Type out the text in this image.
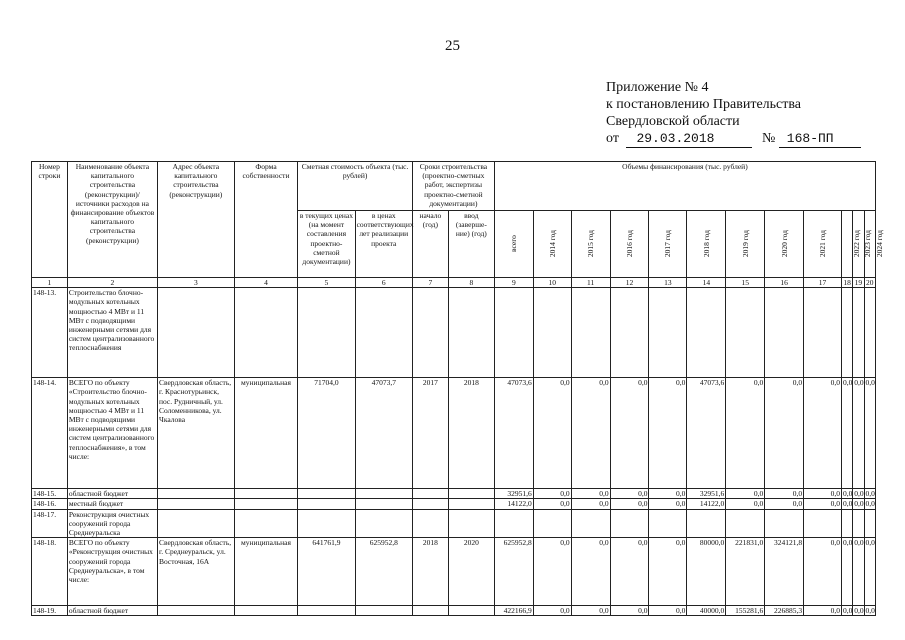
25
Приложение № 4
к постановлению Правительства
Свердловской области
от 29.03.2018	№ 168-ПП
Номер строки	Наименование объекта капитального строительства (реконструкции)/ источники расходов на финансирование объектов капитального строительства (реконструкции)	Адрес объекта капитального строительства (реконструкции)	Форма собственности	Сметная стоимость объекта (тыс. рублей)		Сроки строительства (проектно-сметных работ, экспертизы проектно-сметной документации)		Объемы финансирования (тыс. рублей)											
				в текущих ценах (на момент составления проектно-сметной документации)	в ценах соответствующих лет реализации проекта	начало (год)	ввод (заверше-ние) (год)	всего	2014 год	2015 год	2016 год	2017 год	2018 год	2019 год	2020 год	2021 год	2022 год	2023 год	2024 год
1	2	3	4	5	6	7	8	9	10	11	12	13	14	15	16	17	18	19	20
148-13.	Строительство блочно-модульных котельных мощностью 4 МВт и 11 МВт с подводящими инженерными сетями для систем централизованного теплоснабжения																		
148-14.	ВСЕГО по объекту «Строительство блочно-модульных котельных мощностью 4 МВт и 11 МВт с подводящими инженерными сетями для систем централизованного теплоснабжения», в том числе:	Свердловская область, г. Краснотурьинск, пос. Рудничный, ул. Соломенникова, ул. Чкалова	муниципальная	71704,0	47073,7	2017	2018	47073,6	0,0	0,0	0,0	0,0	47073,6	0,0	0,0	0,0	0,0	0,0	0,0
148-15.	областной бюджет							32951,6	0,0	0,0	0,0	0,0	32951,6	0,0	0,0	0,0	0,0	0,0	0,0
148-16.	местный бюджет							14122,0	0,0	0,0	0,0	0,0	14122,0	0,0	0,0	0,0	0,0	0,0	0,0
148-17.	Реконструкция очистных сооружений города Среднеуральска																		
148-18.	ВСЕГО по объекту «Реконструкция очистных сооружений города Среднеуральска», в том числе:	Свердловская область, г. Среднеуральск, ул. Восточная, 16А	муниципальная	641761,9	625952,8	2018	2020	625952,8	0,0	0,0	0,0	0,0	80000,0	221831,0	324121,8	0,0	0,0	0,0	0,0
148-19.	областной бюджет							422166,9	0,0	0,0	0,0	0,0	40000,0	155281,6	226885,3	0,0	0,0	0,0	0,0
